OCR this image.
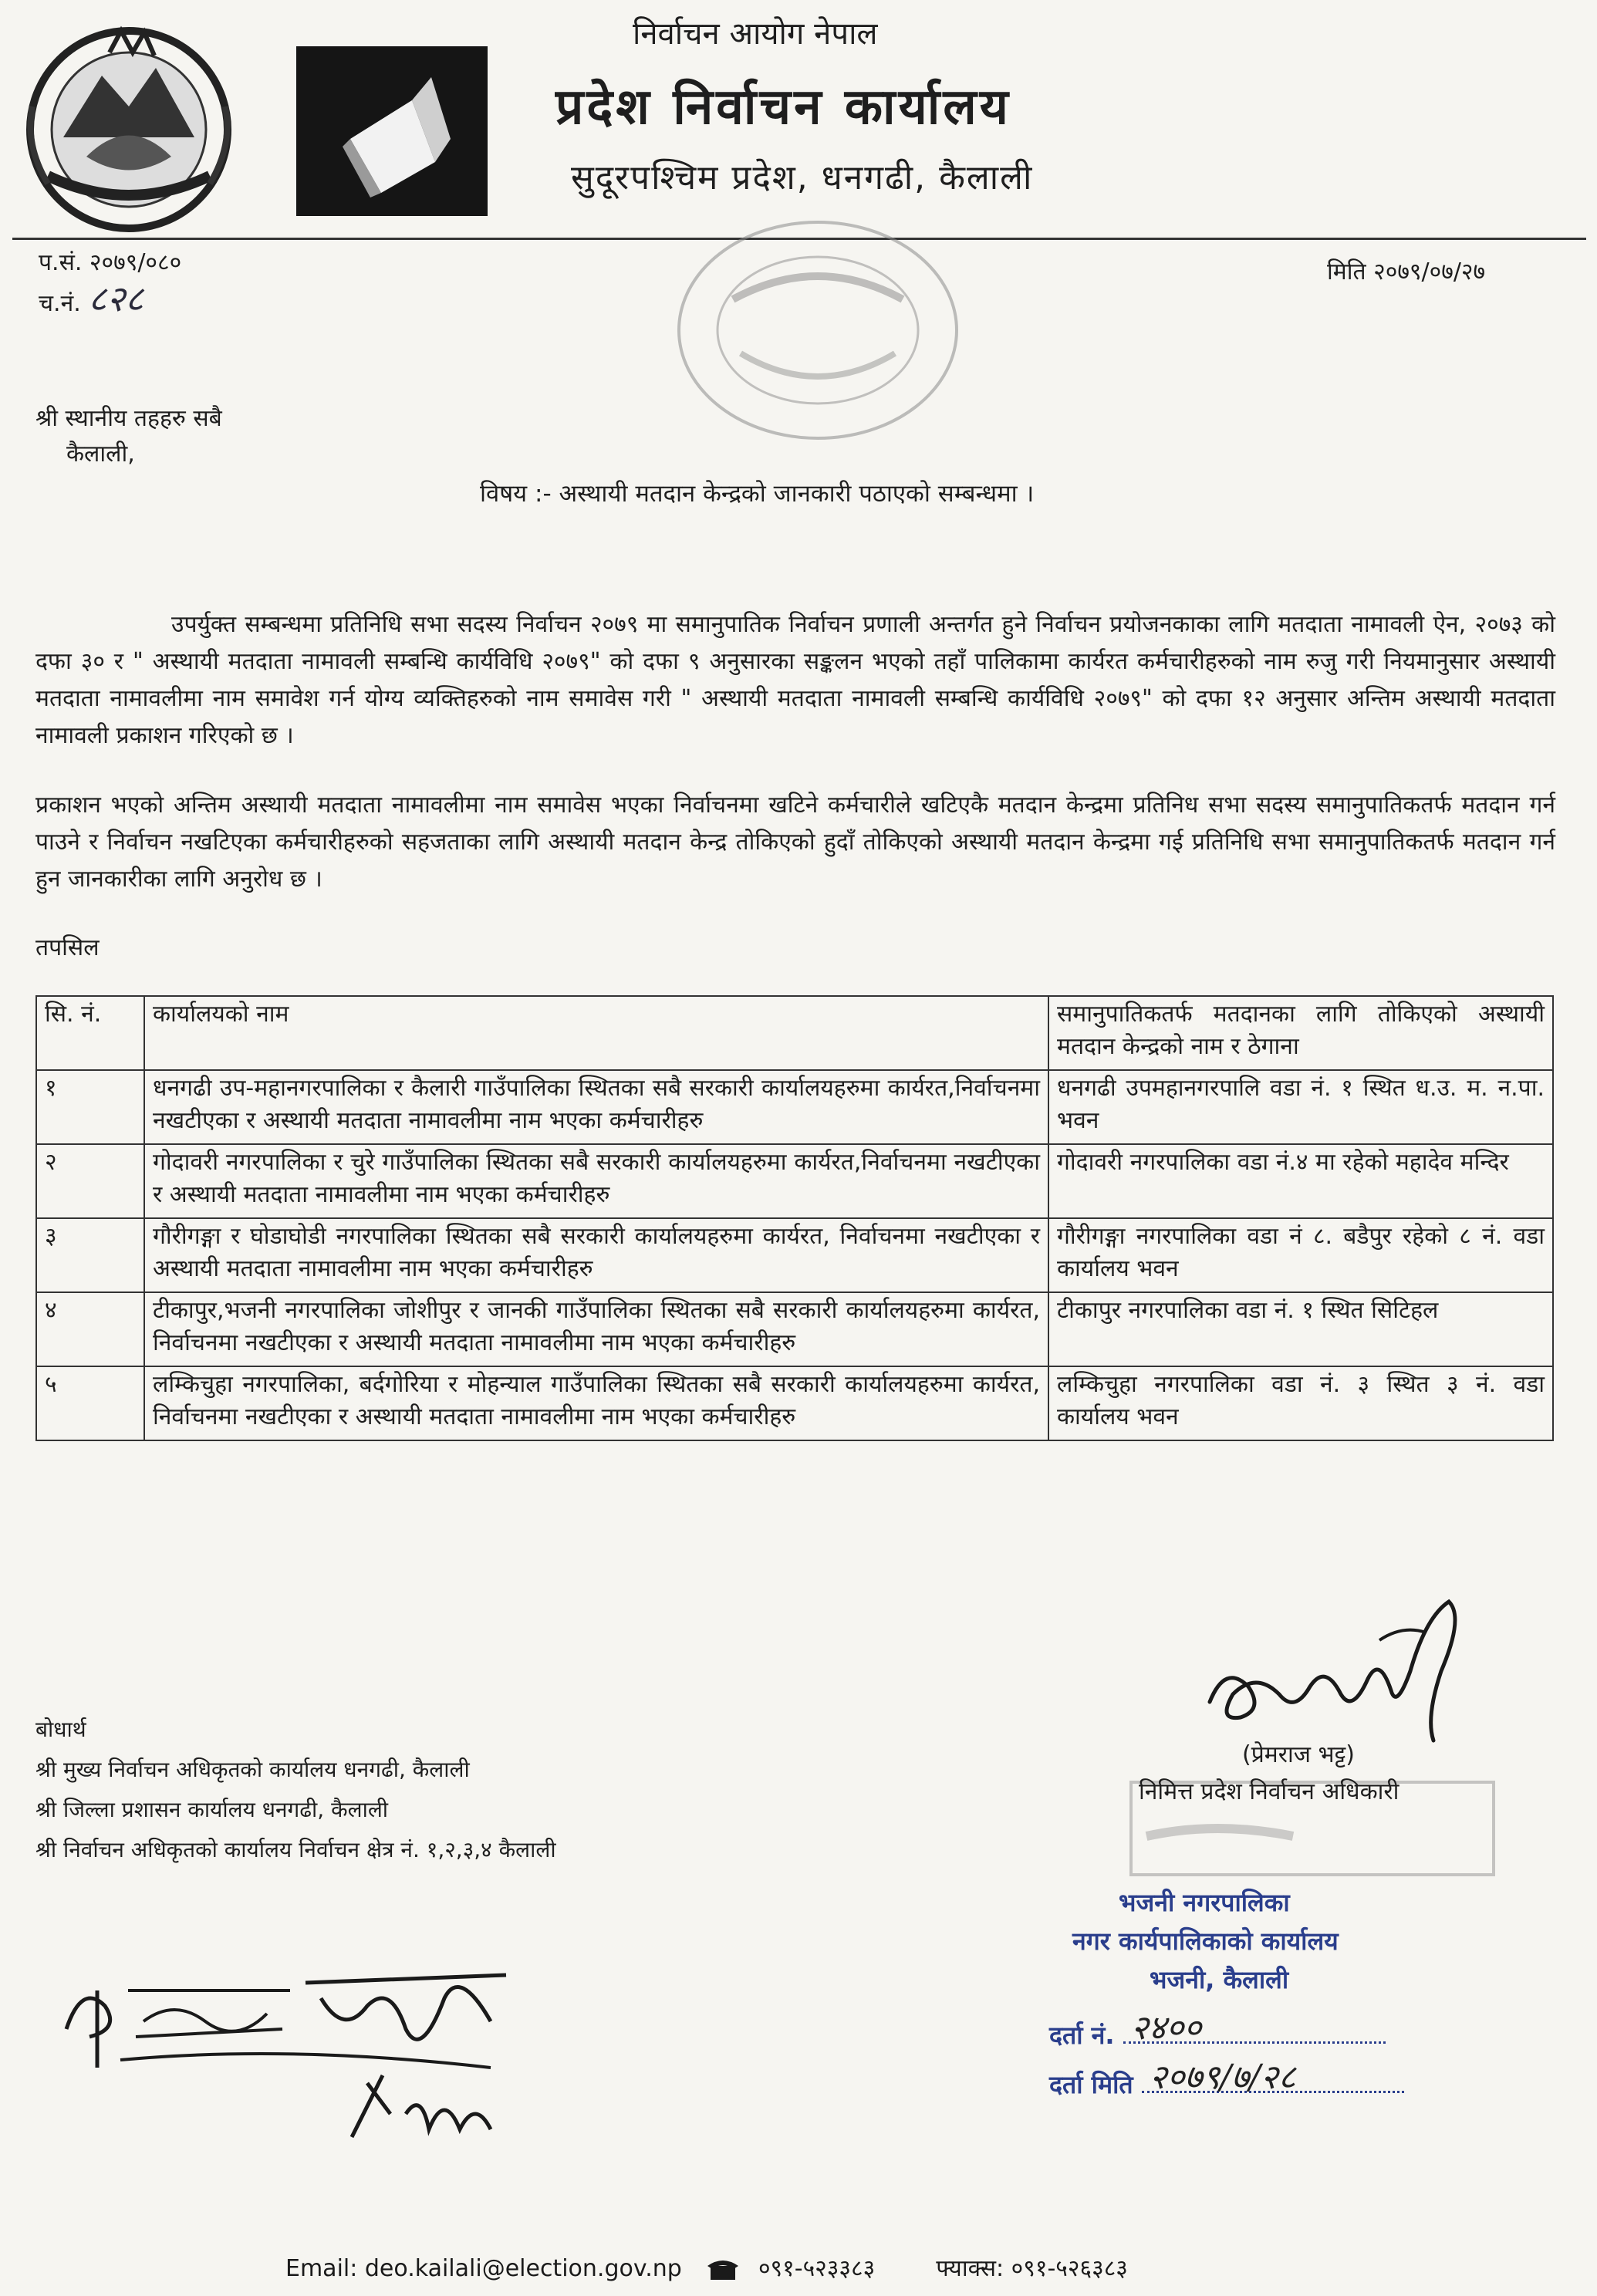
निर्वाचन आयोग नेपाल
प्रदेश निर्वाचन कार्यालय
सुदूरपश्चिम प्रदेश, धनगढी, कैलाली
प.सं. २०७९/०८०
च.नं. ८२८
मिति २०७९/०७/२७
श्री स्थानीय तहहरु सबै
कैलाली,
विषय :- अस्थायी मतदान केन्द्रको जानकारी पठाएको सम्बन्धमा ।
उपर्युक्त सम्बन्धमा प्रतिनिधि सभा सदस्य निर्वाचन २०७९ मा समानुपातिक निर्वाचन प्रणाली अन्तर्गत हुने निर्वाचन प्रयोजनकाका लागि मतदाता नामावली ऐन, २०७३ को दफा ३० र " अस्थायी मतदाता नामावली सम्बन्धि कार्यविधि २०७९" को दफा ९ अनुसारका सङ्कलन भएको तहाँ पालिकामा कार्यरत कर्मचारीहरुको नाम रुजु गरी नियमानुसार अस्थायी मतदाता नामावलीमा नाम समावेश गर्न योग्य व्यक्तिहरुको नाम समावेस गरी " अस्थायी मतदाता नामावली सम्बन्धि कार्यविधि २०७९" को दफा १२ अनुसार अन्तिम अस्थायी मतदाता नामावली प्रकाशन गरिएको छ ।
प्रकाशन भएको अन्तिम अस्थायी मतदाता नामावलीमा नाम समावेस भएका निर्वाचनमा खटिने कर्मचारीले खटिएकै मतदान केन्द्रमा प्रतिनिध सभा सदस्य समानुपातिकतर्फ मतदान गर्न पाउने र निर्वाचन नखटिएका कर्मचारीहरुको सहजताका लागि अस्थायी मतदान केन्द्र तोकिएको हुदाँ तोकिएको अस्थायी मतदान केन्द्रमा गई प्रतिनिधि सभा समानुपातिकतर्फ मतदान गर्न हुन जानकारीका लागि अनुरोध छ ।
तपसिल
सि. नं.	कार्यालयको नाम	समानुपातिकतर्फ मतदानका लागि तोकिएको अस्थायी मतदान केन्द्रको नाम र ठेगाना
१	धनगढी उप-महानगरपालिका र कैलारी गाउँपालिका स्थितका सबै सरकारी कार्यालयहरुमा कार्यरत,निर्वाचनमा नखटीएका र अस्थायी मतदाता नामावलीमा नाम भएका कर्मचारीहरु	धनगढी उपमहानगरपालि वडा नं. १ स्थित ध.उ. म. न.पा. भवन
२	गोदावरी नगरपालिका र चुरे गाउँपालिका स्थितका सबै सरकारी कार्यालयहरुमा कार्यरत,निर्वाचनमा नखटीएका र अस्थायी मतदाता नामावलीमा नाम भएका कर्मचारीहरु	गोदावरी नगरपालिका वडा नं.४ मा रहेको महादेव मन्दिर
३	गौरीगङ्गा र घोडाघोडी नगरपालिका स्थितका सबै सरकारी कार्यालयहरुमा कार्यरत, निर्वाचनमा नखटीएका र अस्थायी मतदाता नामावलीमा नाम भएका कर्मचारीहरु	गौरीगङ्गा नगरपालिका वडा नं ८. बडैपुर रहेको ८ नं. वडा कार्यालय भवन
४	टीकापुर,भजनी नगरपालिका जोशीपुर र जानकी गाउँपालिका स्थितका सबै सरकारी कार्यालयहरुमा कार्यरत, निर्वाचनमा नखटीएका र अस्थायी मतदाता नामावलीमा नाम भएका कर्मचारीहरु	टीकापुर नगरपालिका वडा नं. १ स्थित सिटिहल
५	लम्किचुहा नगरपालिका, बर्दगोरिया र मोहन्याल गाउँपालिका स्थितका सबै सरकारी कार्यालयहरुमा कार्यरत, निर्वाचनमा नखटीएका र अस्थायी मतदाता नामावलीमा नाम भएका कर्मचारीहरु	लम्किचुहा नगरपालिका वडा नं. ३ स्थित ३ नं. वडा कार्यालय भवन
बोधार्थ
श्री मुख्य निर्वाचन अधिकृतको कार्यालय धनगढी, कैलाली
श्री जिल्ला प्रशासन कार्यालय धनगढी, कैलाली
श्री निर्वाचन अधिकृतको कार्यालय निर्वाचन क्षेत्र नं. १,२,३,४ कैलाली
(प्रेमराज भट्ट)
निमित्त प्रदेश निर्वाचन अधिकारी
भजनी नगरपालिका
नगर कार्यपालिकाको कार्यालय
भजनी, कैलाली
दर्ता नं. २४००
दर्ता मिति २०७९/७/२८
Email: deo.kailali@election.gov.np	०९१-५२३३८३	फ्याक्स: ०९१-५२६३८३
